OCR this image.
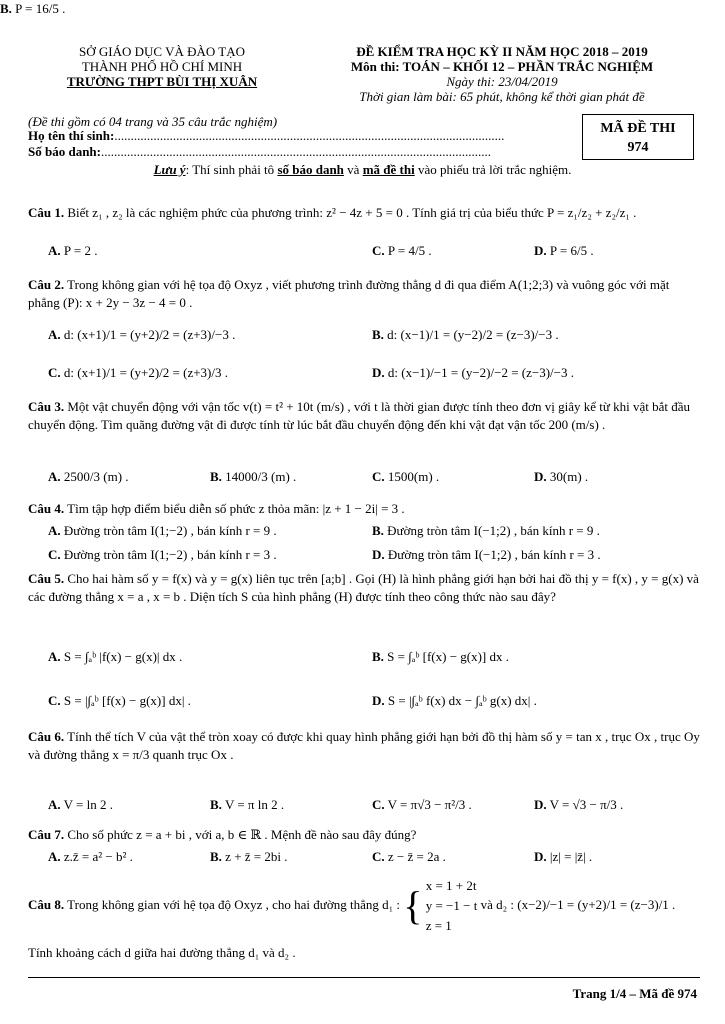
SỞ GIÁO DỤC VÀ ĐÀO TẠO
THÀNH PHỐ HỒ CHÍ MINH
TRƯỜNG THPT BÙI THỊ XUÂN
ĐỀ KIỂM TRA HỌC KỲ II NĂM HỌC 2018 – 2019
Môn thi: TOÁN – KHỐI 12 – PHẦN TRẮC NGHIỆM
Ngày thi: 23/04/2019
Thời gian làm bài: 65 phút, không kể thời gian phát đề
(Đề thi gồm có 04 trang và 35 câu trắc nghiệm)
Họ tên thí sinh:........................................................................................................................
Số báo danh:........................................................................................................................
MÃ ĐỀ THI
974
Lưu ý: Thí sinh phải tô số báo danh và mã đề thi vào phiếu trả lời trắc nghiệm.
Câu 1. Biết z₁ , z₂ là các nghiệm phức của phương trình: z² − 4z + 5 = 0 . Tính giá trị của biểu thức P = z₁/z₂ + z₂/z₁ .
A. P = 2 .
B. P = 16/5 .
C. P = 4/5 .	D. P = 6/5 .
Câu 2. Trong không gian với hệ tọa độ Oxyz , viết phương trình đường thẳng d đi qua điểm A(1;2;3) và vuông góc với mặt phẳng (P): x + 2y − 3z − 4 = 0 .
A. d: (x+1)/1 = (y+2)/2 = (z+3)/−3 .	B. d: (x−1)/1 = (y−2)/2 = (z−3)/−3 .
C. d: (x+1)/1 = (y+2)/2 = (z+3)/3 .	D. d: (x−1)/−1 = (y−2)/−2 = (z−3)/−3 .
Câu 3. Một vật chuyển động với vận tốc v(t) = t² + 10t (m/s) , với t là thời gian được tính theo đơn vị giây kể từ khi vật bắt đầu chuyển động. Tìm quãng đường vật đi được tính từ lúc bắt đầu chuyển động đến khi vật đạt vận tốc 200 (m/s) .
A. 2500/3 (m) .	B. 14000/3 (m) .	C. 1500(m) .	D. 30(m) .
Câu 4. Tìm tập hợp điểm biểu diễn số phức z thỏa mãn: |z + 1 − 2i| = 3 .
A. Đường tròn tâm I(1;−2) , bán kính r = 9 .	B. Đường tròn tâm I(−1;2) , bán kính r = 9 .
C. Đường tròn tâm I(1;−2) , bán kính r = 3 .	D. Đường tròn tâm I(−1;2) , bán kính r = 3 .
Câu 5. Cho hai hàm số y = f(x) và y = g(x) liên tục trên [a;b] . Gọi (H) là hình phẳng giới hạn bởi hai đồ thị y = f(x) , y = g(x) và các đường thẳng x = a , x = b . Diện tích S của hình phẳng (H) được tính theo công thức nào sau đây?
A. S = ∫ₐᵇ |f(x) − g(x)| dx .	B. S = ∫ₐᵇ [f(x) − g(x)] dx .
C. S = |∫ₐᵇ [f(x) − g(x)] dx| .	D. S = |∫ₐᵇ f(x) dx − ∫ₐᵇ g(x) dx| .
Câu 6. Tính thể tích V của vật thể tròn xoay có được khi quay hình phẳng giới hạn bởi đồ thị hàm số y = tan x , trục Ox , trục Oy và đường thẳng x = π/3 quanh trục Ox .
A. V = ln 2 .	B. V = π ln 2 .	C. V = π√3 − π²/3 .	D. V = √3 − π/3 .
Câu 7. Cho số phức z = a + bi , với a, b ∈ ℝ . Mệnh đề nào sau đây đúng?
A. z.z̄ = a² − b² .	B. z + z̄ = 2bi .	C. z − z̄ = 2a .	D. |z| = |z̄| .
Câu 8. Trong không gian với hệ tọa độ Oxyz , cho hai đường thẳng d₁ : { x = 1 + 2t
y = −1 − t
z = 1
và d₂ : (x−2)/−1 = (y+2)/1 = (z−3)/1 .
Tính khoảng cách d giữa hai đường thẳng d₁ và d₂ .
Trang 1/4 – Mã đề 974
